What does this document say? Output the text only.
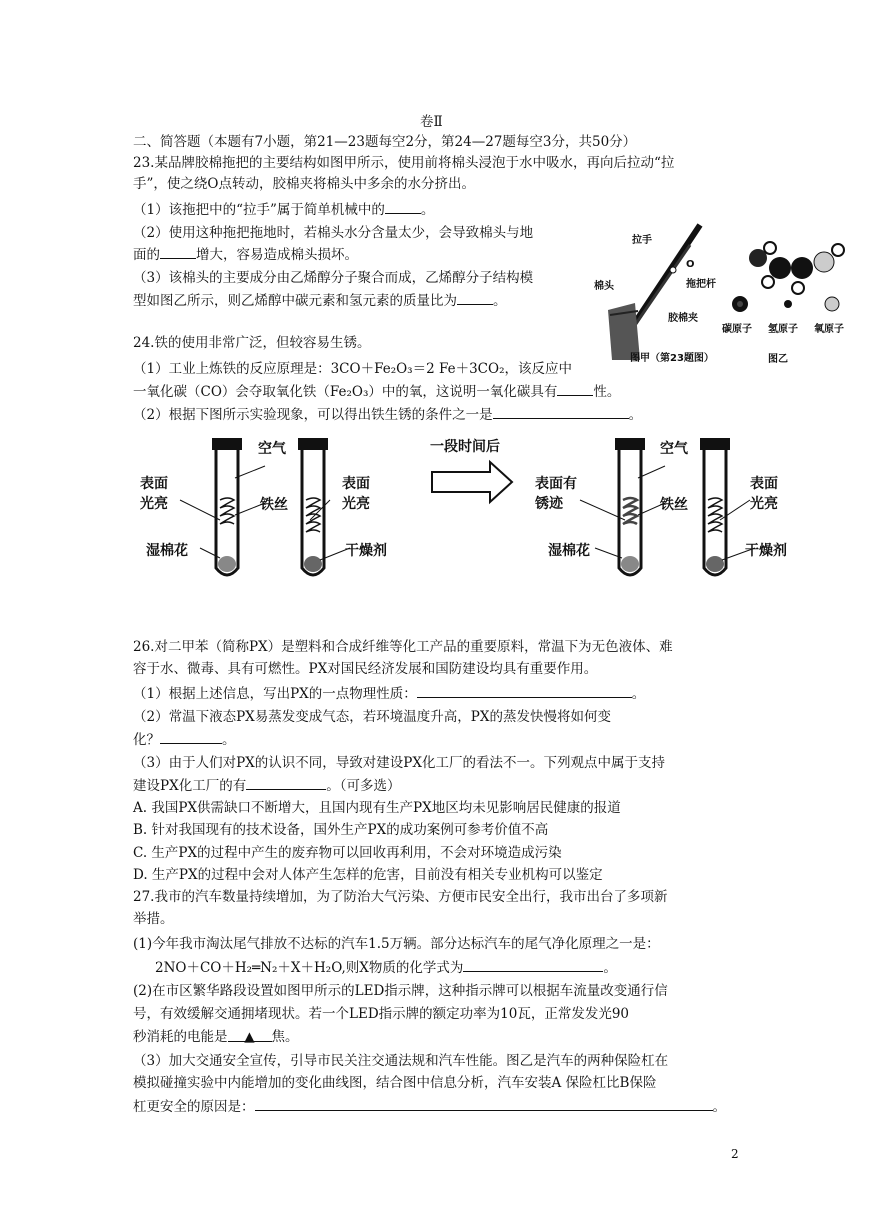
卷Ⅱ
二、简答题（本题有7小题，第21—23题每空2分，第24—27题每空3分，共50分）
23.某品牌胶棉拖把的主要结构如图甲所示，使用前将棉头浸泡于水中吸水，再向后拉动“拉
手”，使之绕O点转动，胶棉夹将棉头中多余的水分挤出。
（1）该拖把中的“拉手”属于简单机械中的	。
（2）使用这种拖把拖地时，若棉头水分含量太少，会导致棉头与地
面的	增大，容易造成棉头损坏。
（3）该棉头的主要成分由乙烯醇分子聚合而成，乙烯醇分子结构模
型如图乙所示，则乙烯醇中碳元素和氢元素的质量比为	。
拉手
O
拖把杆
棉头
胶棉夹
图甲（第23题图）
碳原子 氢原子 氧原子
图乙
24.铁的使用非常广泛，但较容易生锈。
（1）工业上炼铁的反应原理是：3CO＋Fe₂O₃＝2 Fe＋3CO₂，该反应中
一氧化碳（CO）会夺取氧化铁（Fe₂O₃）中的氧，这说明一氧化碳具有	性。
（2）根据下图所示实验现象，可以得出铁生锈的条件之一是	。
表面
光亮
空气
铁丝
表面
光亮
湿棉花	干燥剂
一段时间后
表面有
锈迹
空气
铁丝
表面
光亮
湿棉花	干燥剂
26.对二甲苯（简称PX）是塑料和合成纤维等化工产品的重要原料，常温下为无色液体、难
容于水、微毒、具有可燃性。PX对国民经济发展和国防建设均具有重要作用。
（1）根据上述信息，写出PX的一点物理性质：	。
（2）常温下液态PX易蒸发变成气态，若环境温度升高，PX的蒸发快慢将如何变
化？	。
（3）由于人们对PX的认识不同，导致对建设PX化工厂的看法不一。下列观点中属于支持
建设PX化工厂的有	。（可多选）
A. 我国PX供需缺口不断增大，且国内现有生产PX地区均未见影响居民健康的报道
B. 针对我国现有的技术设备，国外生产PX的成功案例可参考价值不高
C. 生产PX的过程中产生的废弃物可以回收再利用，不会对环境造成污染
D. 生产PX的过程中会对人体产生怎样的危害，目前没有相关专业机构可以鉴定
27.我市的汽车数量持续增加，为了防治大气污染、方便市民安全出行，我市出台了多项新
举措。
(1)今年我市淘汰尾气排放不达标的汽车1.5万辆。部分达标汽车的尾气净化原理之一是：
2NO＋CO＋H₂═N₂＋X＋H₂O,则X物质的化学式为	。
(2)在市区繁华路段设置如图甲所示的LED指示牌，这种指示牌可以根据车流量改变通行信
号，有效缓解交通拥堵现状。若一个LED指示牌的额定功率为10瓦，正常发发光90
秒消耗的电能是 ▲ 焦。
（3）加大交通安全宣传，引导市民关注交通法规和汽车性能。图乙是汽车的两种保险杠在
模拟碰撞实验中内能增加的变化曲线图，结合图中信息分析，汽车安装A 保险杠比B保险
杠更安全的原因是：	。
2
